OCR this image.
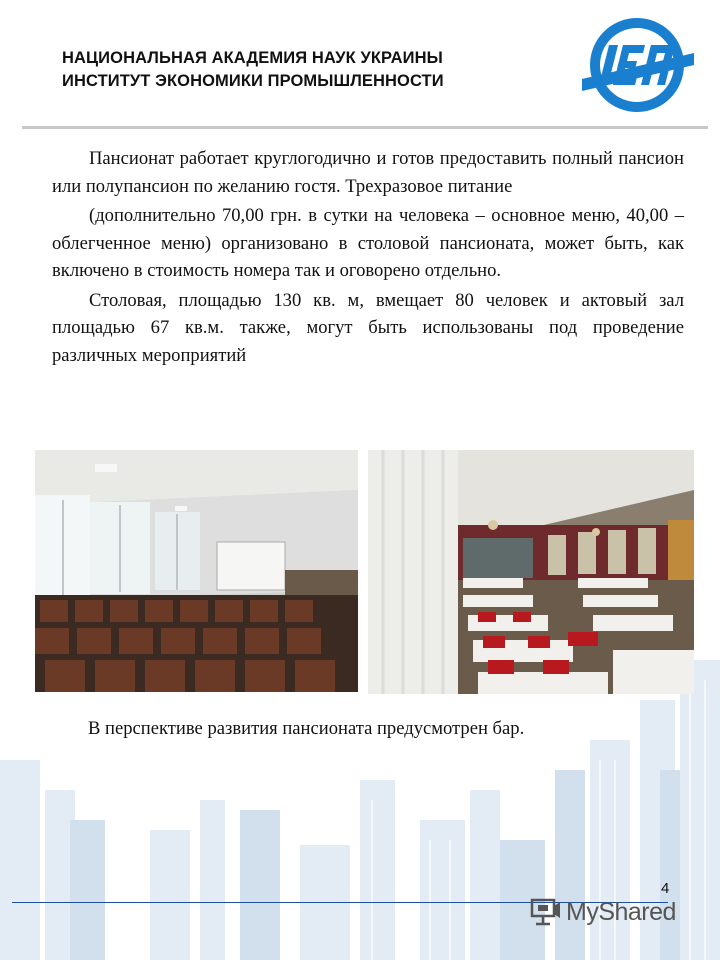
НАЦИОНАЛЬНАЯ АКАДЕМИЯ НАУК УКРАИНЫ
ИНСТИТУТ ЭКОНОМИКИ ПРОМЫШЛЕННОСТИ

Пансионат работает круглогодично и готов предоставить полный пансион или полупансион по желанию гостя. Трехразовое питание

(дополнительно 70,00 грн. в сутки на человека – основное меню, 40,00 – облегченное меню) организовано в столовой пансионата, может быть, как включено в стоимость номера так и оговорено отдельно.

Столовая, площадью 130 кв. м, вмещает 80 человек и актовый зал площадью 67 кв.м. также, могут быть использованы под проведение различных мероприятий

В перспективе развития пансионата предусмотрен бар.
4
MyShared
